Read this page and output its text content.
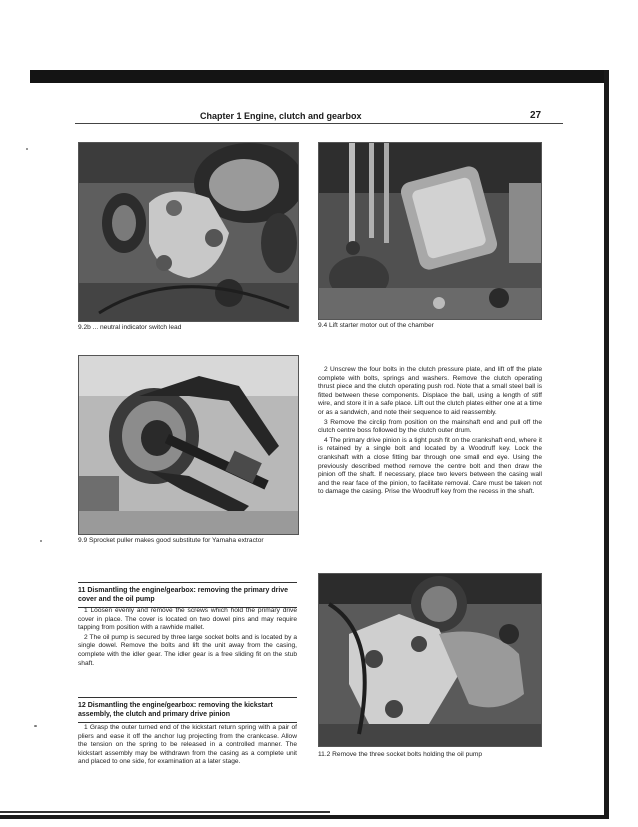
Chapter 1 Engine, clutch and gearbox	27
9.2b ... neutral indicator switch lead	9.4 Lift starter motor out of the chamber
9.9 Sprocket puller makes good substitute for Yamaha extractor

2 Unscrew the four bolts in the clutch pressure plate, and lift off the plate complete with bolts, springs and washers. Remove the clutch operating thrust piece and the clutch operating push rod. Note that a small steel ball is fitted between these components. Displace the ball, using a length of stiff wire, and store it in a safe place. Lift out the clutch plates either one at a time or as a sandwich, and note their sequence to aid reassembly.

3 Remove the circlip from position on the mainshaft end and pull off the clutch centre boss followed by the clutch outer drum.

4 The primary drive pinion is a tight push fit on the crankshaft end, where it is retained by a single bolt and located by a Woodruff key. Lock the crankshaft with a close fitting bar through one small end eye. Using the previously described method remove the centre bolt and then draw the pinion off the shaft. If necessary, place two levers between the casing wall and the rear face of the pinion, to facilitate removal. Care must be taken not to damage the casing. Prise the Woodruff key from the recess in the shaft.

11 Dismantling the engine/gearbox: removing the primary drive cover and the oil pump

1 Loosen evenly and remove the screws which hold the primary drive cover in place. The cover is located on two dowel pins and may require tapping from position with a rawhide mallet.

2 The oil pump is secured by three large socket bolts and is located by a single dowel. Remove the bolts and lift the unit away from the casing, complete with the idler gear. The idler gear is a free sliding fit on the stub shaft.

12 Dismantling the engine/gearbox: removing the kickstart assembly, the clutch and primary drive pinion

1 Grasp the outer turned end of the kickstart return spring with a pair of pliers and ease it off the anchor lug projecting from the crankcase. Allow the tension on the spring to be released in a controlled manner. The kickstart assembly may be withdrawn from the casing as a complete unit and placed to one side, for examination at a later stage.

11.2 Remove the three socket bolts holding the oil pump
